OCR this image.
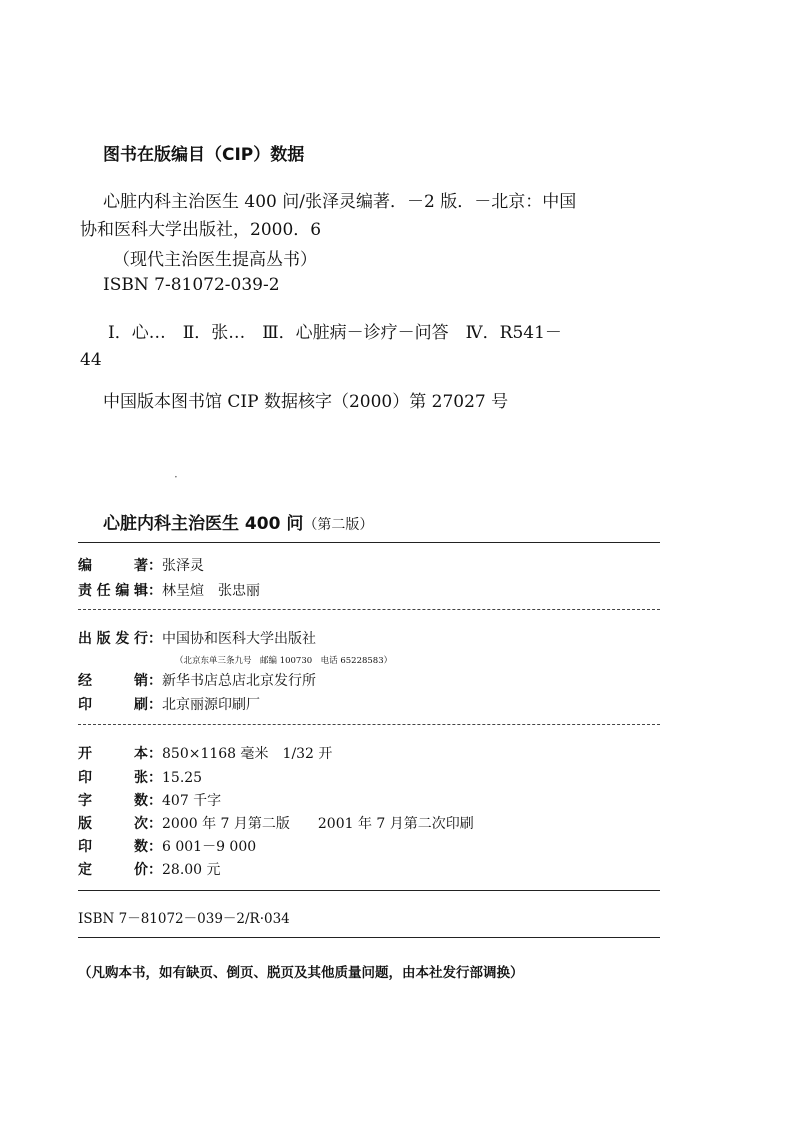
图书在版编目（CIP）数据
心脏内科主治医生 400 问/张泽灵编著．－2 版．－北京：中国
协和医科大学出版社，2000．6
（现代主治医生提高丛书）
ISBN 7-81072-039-2
Ⅰ．心…　Ⅱ．张…　Ⅲ．心脏病－诊疗－问答　Ⅳ．R541－
44
中国版本图书馆 CIP 数据核字（2000）第 27027 号
·
心脏内科主治医生 400 问（第二版）
编　著：张泽灵
责任编辑：林呈煊　张忠丽
出版发行：中国协和医科大学出版社
（北京东单三条九号　邮编 100730　电话 65228583）
经　销：新华书店总店北京发行所
印　刷：北京丽源印刷厂
开　本：850×1168 毫米　1/32 开
印　张：15.25
字　数：407 千字
版　次：2000 年 7 月第二版　　2001 年 7 月第二次印刷
印　数：6 001－9 000
定　价：28.00 元
ISBN 7－81072－039－2/R·034
（凡购本书，如有缺页、倒页、脱页及其他质量问题，由本社发行部调换）
